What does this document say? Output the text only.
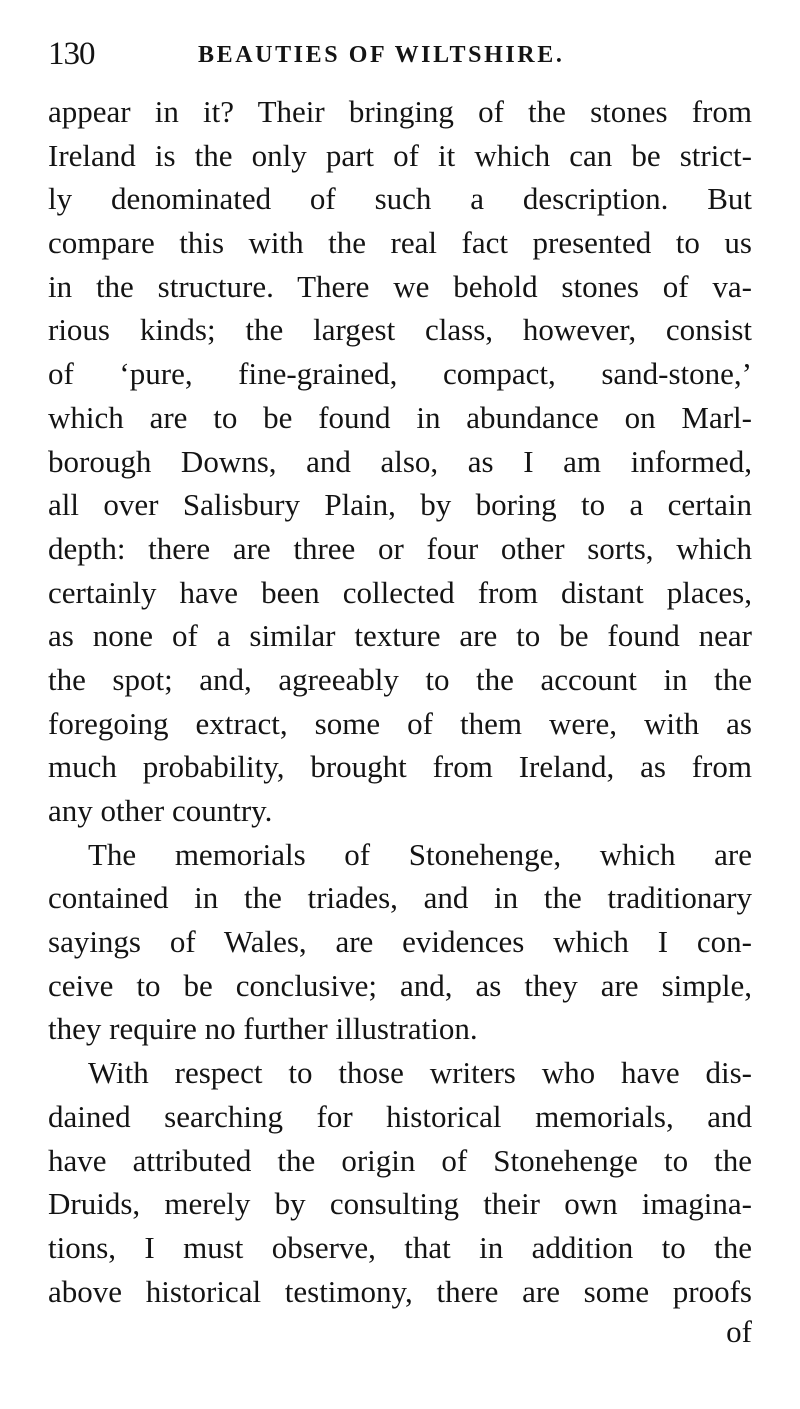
130	BEAUTIES OF WILTSHIRE.
appear in it? Their bringing of the stones from
Ireland is the only part of it which can be strict-
ly denominated of such a description. But
compare this with the real fact presented to us
in the structure. There we behold stones of va-
rious kinds; the largest class, however, consist
of ‘pure, fine-grained, compact, sand-stone,’
which are to be found in abundance on Marl-
borough Downs, and also, as I am informed,
all over Salisbury Plain, by boring to a certain
depth: there are three or four other sorts, which
certainly have been collected from distant places,
as none of a similar texture are to be found near
the spot; and, agreeably to the account in the
foregoing extract, some of them were, with as
much probability, brought from Ireland, as from
any other country.
The memorials of Stonehenge, which are
contained in the triades, and in the traditionary
sayings of Wales, are evidences which I con-
ceive to be conclusive; and, as they are simple,
they require no further illustration.
With respect to those writers who have dis-
dained searching for historical memorials, and
have attributed the origin of Stonehenge to the
Druids, merely by consulting their own imagina-
tions, I must observe, that in addition to the
above historical testimony, there are some proofs
of
